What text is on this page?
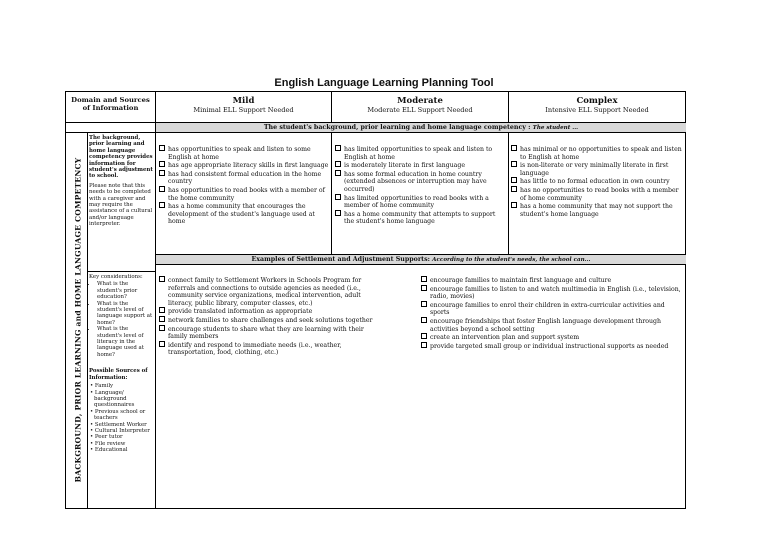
English Language Learning Planning Tool
Domain and Sources of Information
Mild
Minimal ELL Support Needed
Moderate
Moderate ELL Support Needed
Complex
Intensive ELL Support Needed
The student's background, prior learning and home language competency : The student ...
Examples of Settlement and Adjustment Supports: According to the student's needs, the school can...
BACKGROUND, PRIOR LEARNING and HOME LANGUAGE COMPETENCY

The background, prior learning and home language competency provides information for student's adjustment to school.

Please note that this needs to be completed with a caregiver and may require the assistance of a cultural and/or language interpreter.

Key considerations:

• What is the student's prior education?
• What is the student's level of language support at home?
• What is the student's level of literacy in the language used at home?

Possible Sources of Information:

• Family
• Language/ background questionnaires
• Previous school or teachers
• Settlement Worker
• Cultural Interpreter
• Peer tutor
• File review
• Educational

has opportunities to speak and listen to some English at home

has age appropriate literacy skills in first language

has had consistent formal education in the home country

has opportunities to read books with a member of the home community

has a home community that encourages the development of the student's language used at home

has limited opportunities to speak and listen to English at home

is moderately literate in first language

has some formal education in home country (extended absences or interruption may have occurred)

has limited opportunities to read books with a member of home community

has a home community that attempts to support the student's home language

has minimal or no opportunities to speak and listen to English at home

is non-literate or very minimally literate in first language

has little to no formal education in own country

has no opportunities to read books with a member of home community

has a home community that may not support the student's home language

connect family to Settlement Workers in Schools Program for referrals and connections to outside agencies as needed (i.e., community service organizations, medical intervention, adult literacy, public library, computer classes, etc.)

provide translated information as appropriate

network families to share challenges and seek solutions together

encourage students to share what they are learning with their family members

identify and respond to immediate needs (i.e., weather, transportation, food, clothing, etc.)

encourage families to maintain first language and culture

encourage families to listen to and watch multimedia in English (i.e., television, radio, movies)

encourage families to enrol their children in extra-curricular activities and sports

encourage friendships that foster English language development through activities beyond a school setting

create an intervention plan and support system

provide targeted small group or individual instructional supports as needed
